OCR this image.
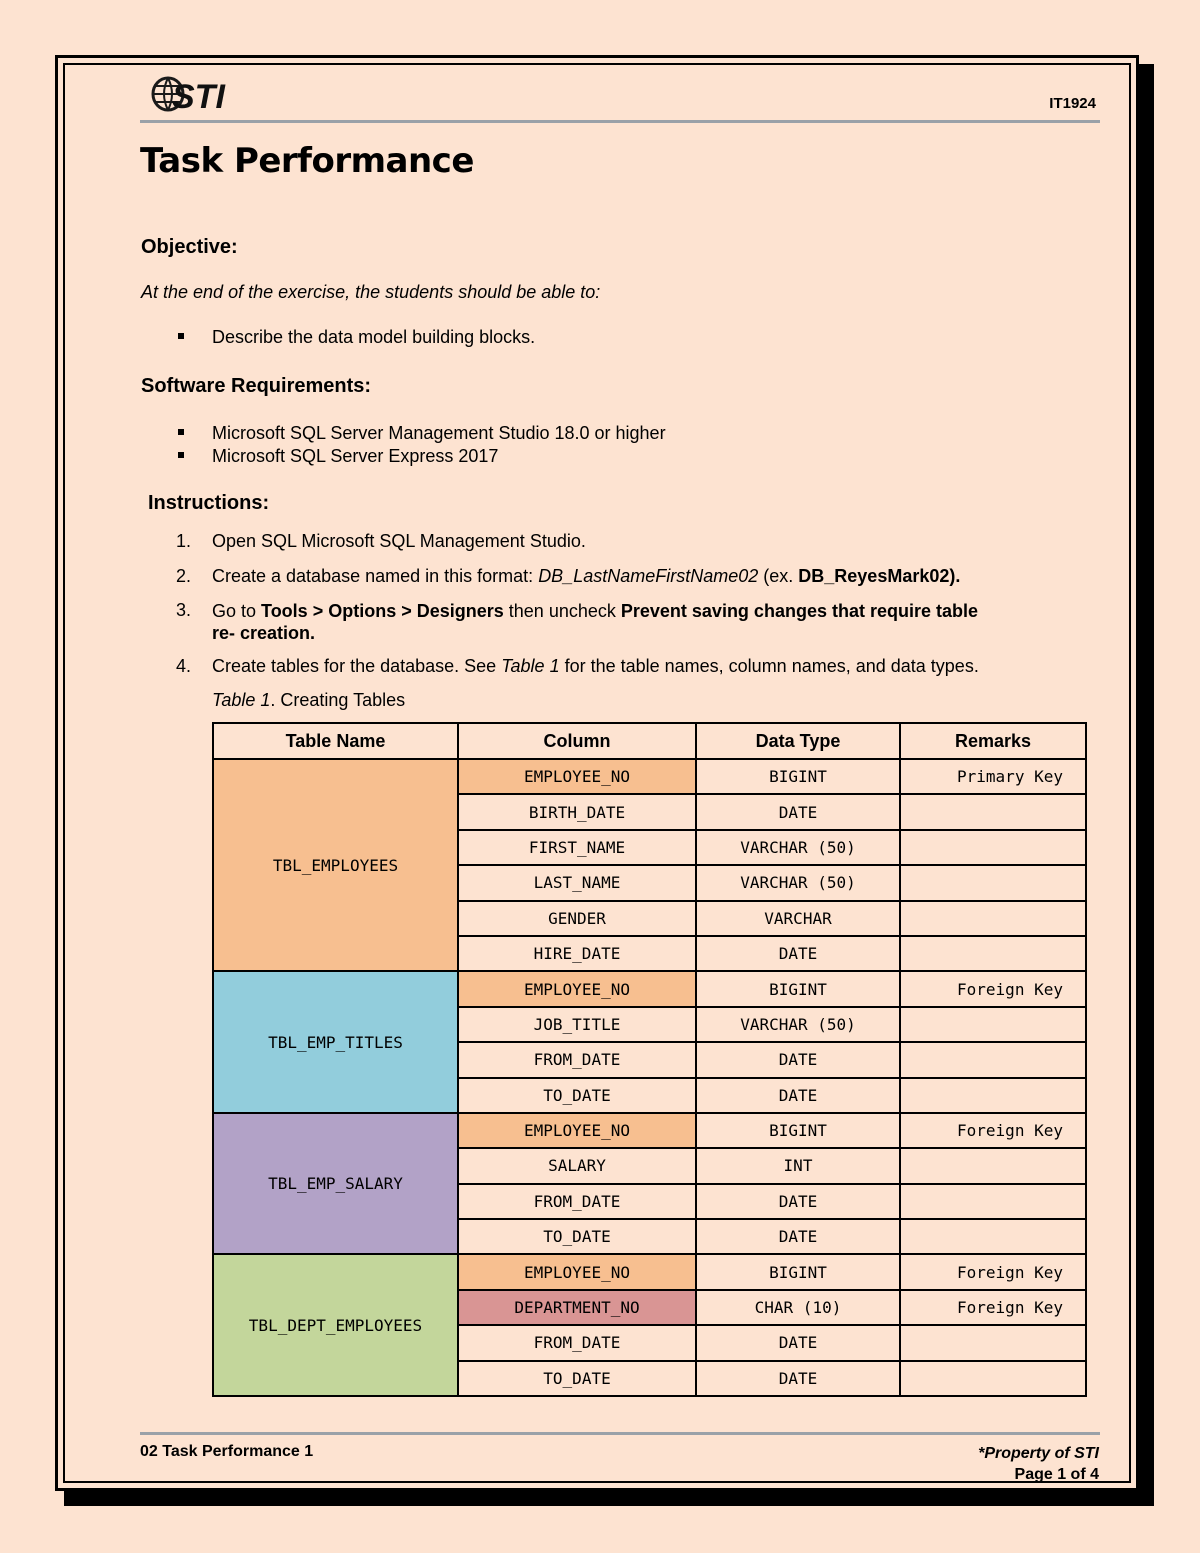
STI	IT1924
Task Performance
Objective:
At the end of the exercise, the students should be able to:
Describe the data model building blocks.
Software Requirements:
Microsoft SQL Server Management Studio 18.0 or higher
Microsoft SQL Server Express 2017
Instructions:
1. Open SQL Microsoft SQL Management Studio.
2. Create a database named in this format: DB_LastNameFirstName02 (ex. DB_ReyesMark02).
3. Go to Tools > Options > Designers then uncheck Prevent saving changes that require table
re- creation.
4. Create tables for the database. See Table 1 for the table names, column names, and data types.
Table 1. Creating Tables
Table Name	Column	Data Type	Remarks
TBL_EMPLOYEES	EMPLOYEE_NO	BIGINT	Primary Key
	BIRTH_DATE	DATE	
	FIRST_NAME	VARCHAR (50)	
	LAST_NAME	VARCHAR (50)	
	GENDER	VARCHAR	
	HIRE_DATE	DATE	
TBL_EMP_TITLES	EMPLOYEE_NO	BIGINT	Foreign Key
	JOB_TITLE	VARCHAR (50)	
	FROM_DATE	DATE	
	TO_DATE	DATE	
TBL_EMP_SALARY	EMPLOYEE_NO	BIGINT	Foreign Key
	SALARY	INT	
	FROM_DATE	DATE	
	TO_DATE	DATE	
TBL_DEPT_EMPLOYEES	EMPLOYEE_NO	BIGINT	Foreign Key
	DEPARTMENT_NO	CHAR (10)	Foreign Key
	FROM_DATE	DATE	
	TO_DATE	DATE	
02 Task Performance 1	*Property of STI
Page 1 of 4
